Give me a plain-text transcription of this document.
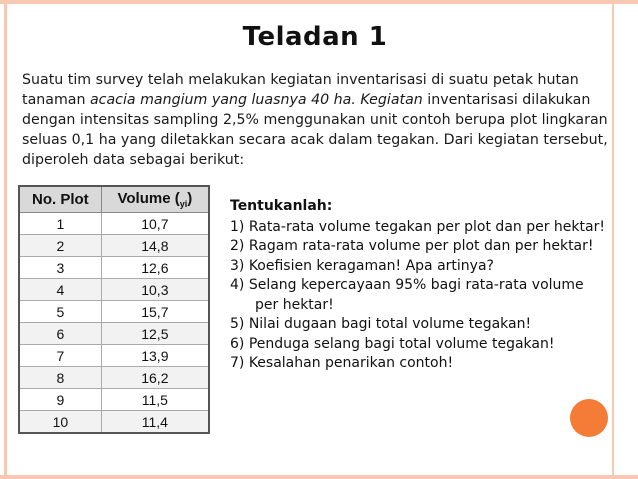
Teladan 1
Suatu tim survey telah melakukan kegiatan inventarisasi di suatu petak hutan
tanaman acacia mangium yang luasnya 40 ha. Kegiatan inventarisasi dilakukan
dengan intensitas sampling 2,5% menggunakan unit contoh berupa plot lingkaran
seluas 0,1 ha yang diletakkan secara acak dalam tegakan. Dari kegiatan tersebut,
diperoleh data sebagai berikut:
No. Plot	Volume $(_{yi})$
1	10,7
2	14,8
3	12,6
4	10,3
5	15,7
6	12,5
7	13,9
8	16,2
9	11,5
10	11,4
Tentukanlah:
1) Rata-rata volume tegakan per plot dan per hektar!
2) Ragam rata-rata volume per plot dan per hektar!
3) Koefisien keragaman! Apa artinya?
4) Selang kepercayaan 95% bagi rata-rata volume
per hektar!
5) Nilai dugaan bagi total volume tegakan!
6) Penduga selang bagi total volume tegakan!
7) Kesalahan penarikan contoh!
